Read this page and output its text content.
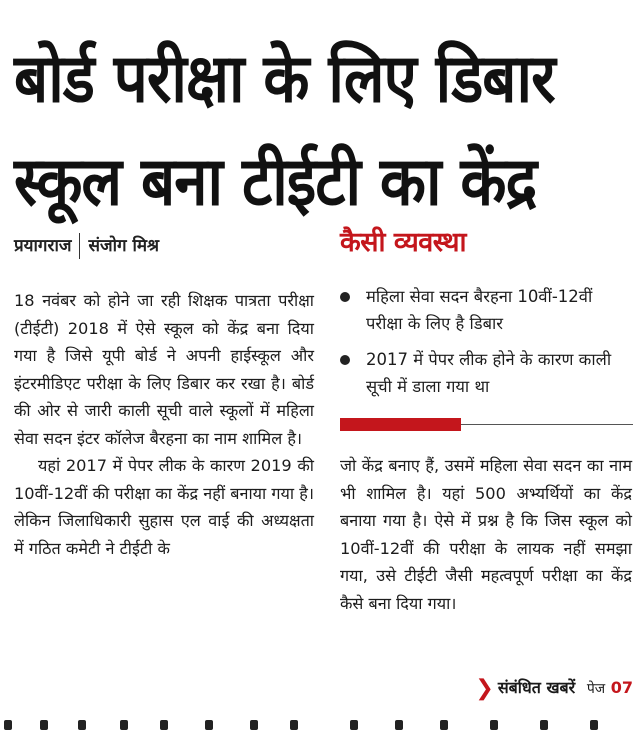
बोर्ड परीक्षा के लिए डिबार
स्कूल बना टीईटी का केंद्र
प्रयागराज संजोग मिश्र

18 नवंबर को होने जा रही शिक्षक पात्रता परीक्षा (टीईटी) 2018 में ऐसे स्कूल को केंद्र बना दिया गया है जिसे यूपी बोर्ड ने अपनी हाईस्कूल और इंटरमीडिएट परीक्षा के लिए डिबार कर रखा है। बोर्ड की ओर से जारी काली सूची वाले स्कूलों में महिला सेवा सदन इंटर कॉलेज बैरहना का नाम शामिल है।

यहां 2017 में पेपर लीक के कारण 2019 की 10वीं-12वीं की परीक्षा का केंद्र नहीं बनाया गया है। लेकिन जिलाधिकारी सुहास एल वाई की अध्यक्षता में गठित कमेटी ने टीईटी के

कैसी व्यवस्था
महिला सेवा सदन बैरहना 10वीं-12वीं परीक्षा के लिए है डिबार
2017 में पेपर लीक होने के कारण काली सूची में डाला गया था

जो केंद्र बनाए हैं, उसमें महिला सेवा सदन का नाम भी शामिल है। यहां 500 अभ्यर्थियों का केंद्र बनाया गया है। ऐसे में प्रश्न है कि जिस स्कूल को 10वीं-12वीं की परीक्षा के लायक नहीं समझा गया, उसे टीईटी जैसी महत्वपूर्ण परीक्षा का केंद्र कैसे बना दिया गया।

❯ संबंधित खबरें पेज 07
